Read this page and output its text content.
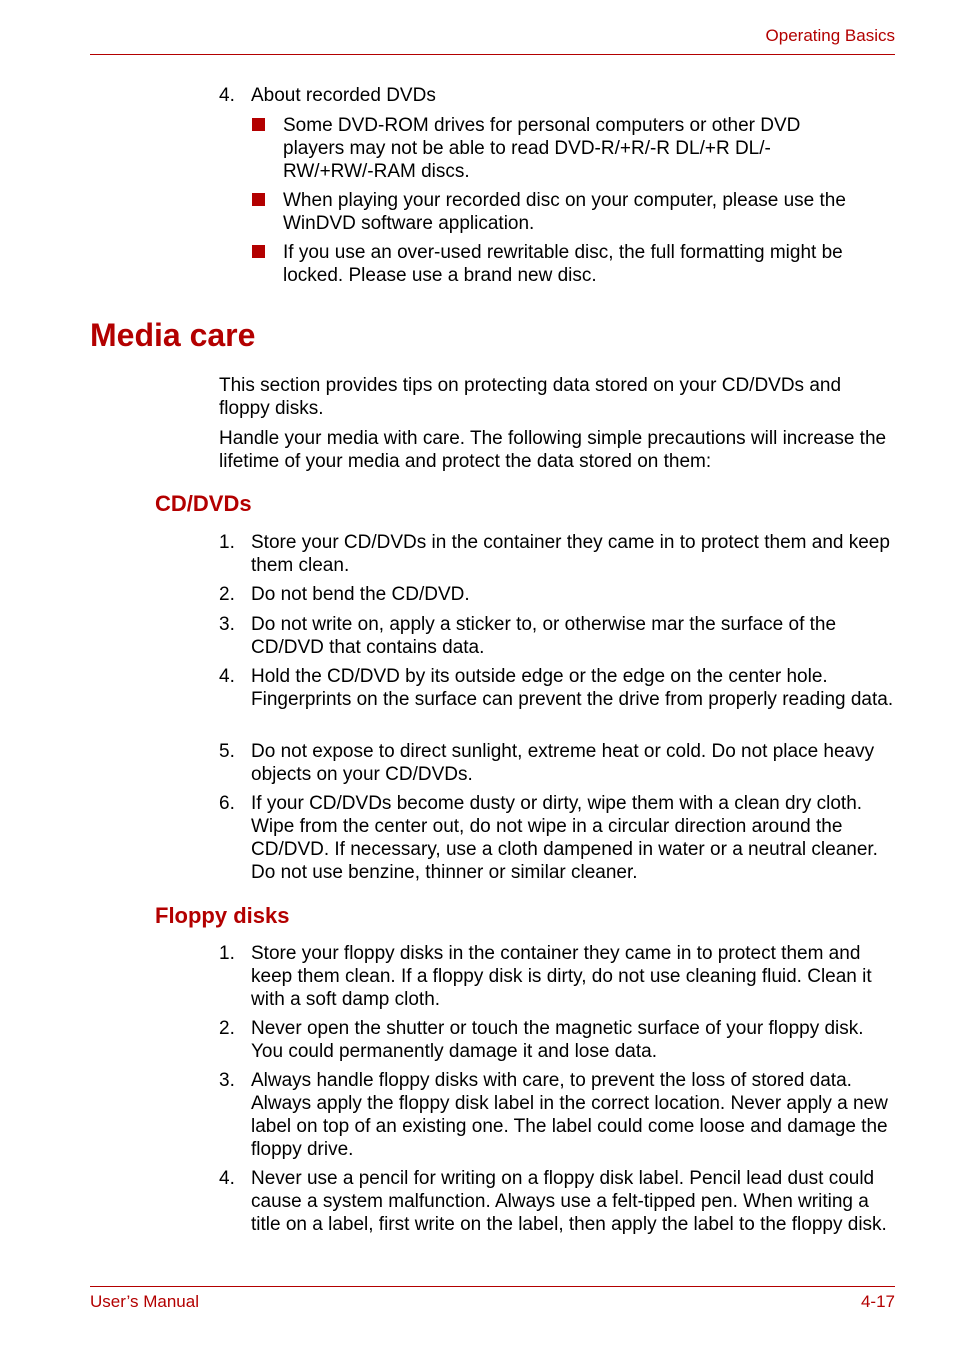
Operating Basics
4. About recorded DVDs
Some DVD-ROM drives for personal computers or other DVD players may not be able to read DVD-R/+R/-R DL/+R DL/-RW/+RW/-RAM discs.
When playing your recorded disc on your computer, please use the WinDVD software application.
If you use an over-used rewritable disc, the full formatting might be locked. Please use a brand new disc.
Media care
This section provides tips on protecting data stored on your CD/DVDs and floppy disks.
Handle your media with care. The following simple precautions will increase the lifetime of your media and protect the data stored on them:
CD/DVDs
1. Store your CD/DVDs in the container they came in to protect them and keep them clean.
2. Do not bend the CD/DVD.
3. Do not write on, apply a sticker to, or otherwise mar the surface of the CD/DVD that contains data.
4. Hold the CD/DVD by its outside edge or the edge on the center hole. Fingerprints on the surface can prevent the drive from properly reading data.
5. Do not expose to direct sunlight, extreme heat or cold. Do not place heavy objects on your CD/DVDs.
6. If your CD/DVDs become dusty or dirty, wipe them with a clean dry cloth. Wipe from the center out, do not wipe in a circular direction around the CD/DVD. If necessary, use a cloth dampened in water or a neutral cleaner. Do not use benzine, thinner or similar cleaner.
Floppy disks
1. Store your floppy disks in the container they came in to protect them and keep them clean. If a floppy disk is dirty, do not use cleaning fluid. Clean it with a soft damp cloth.
2. Never open the shutter or touch the magnetic surface of your floppy disk. You could permanently damage it and lose data.
3. Always handle floppy disks with care, to prevent the loss of stored data. Always apply the floppy disk label in the correct location. Never apply a new label on top of an existing one. The label could come loose and damage the floppy drive.
4. Never use a pencil for writing on a floppy disk label. Pencil lead dust could cause a system malfunction. Always use a felt-tipped pen. When writing a title on a label, first write on the label, then apply the label to the floppy disk.
User’s Manual	4-17
